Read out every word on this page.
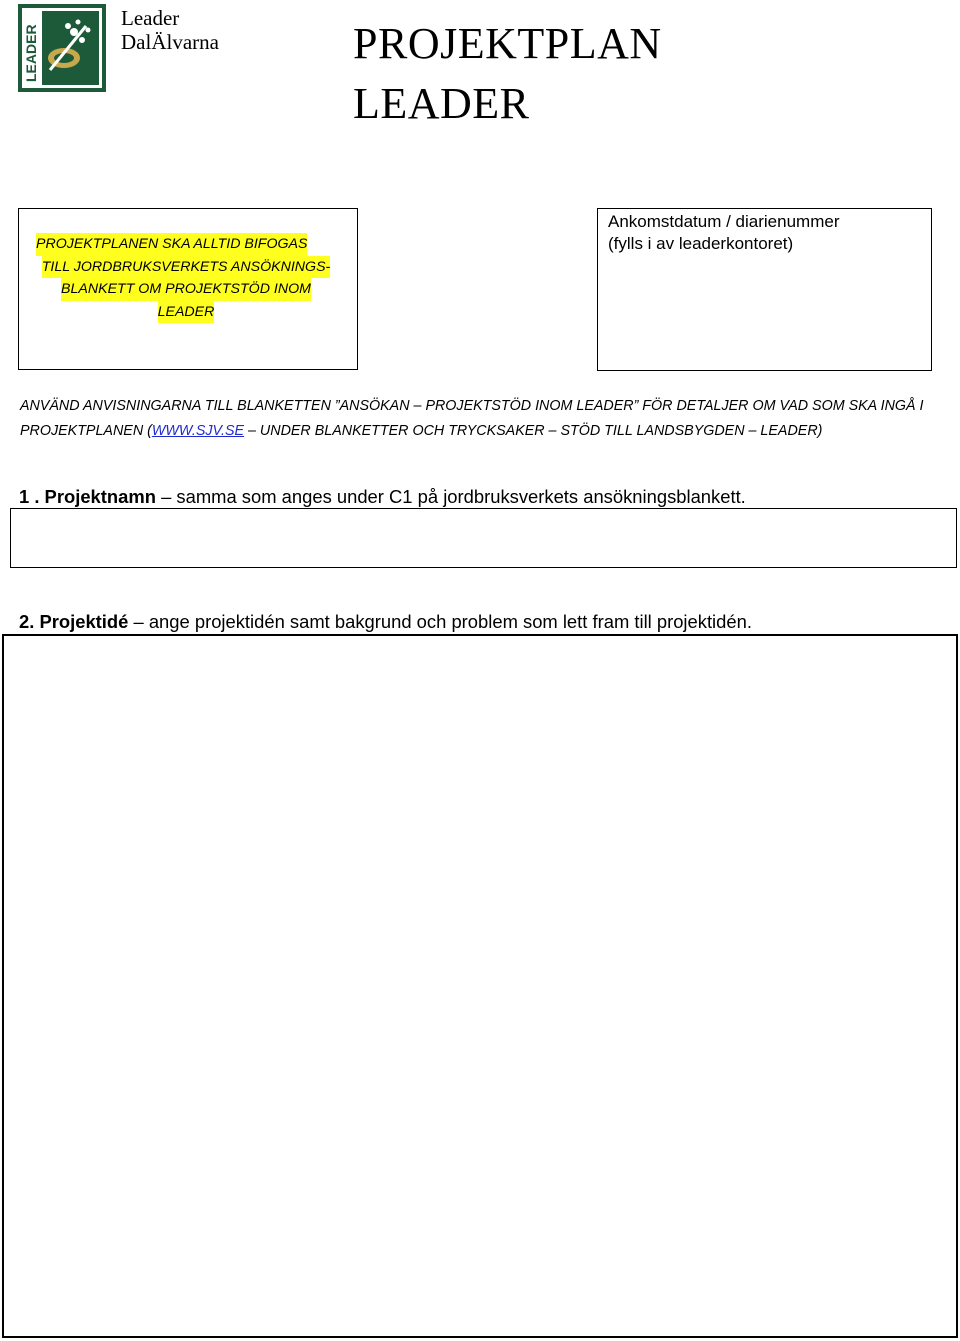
LEADER
Leader
DalÄlvarna	PROJEKTPLAN
LEADER
PROJEKTPLANEN SKA ALLTID BIFOGAS
TILL JORDBRUKSVERKETS ANSÖKNINGS-
BLANKETT OM PROJEKTSTÖD INOM
LEADER
Ankomstdatum / diarienummer
(fylls i av leaderkontoret)
ANVÄND ANVISNINGARNA TILL BLANKETTEN ”ANSÖKAN – PROJEKTSTÖD INOM LEADER” FÖR DETALJER OM VAD SOM SKA INGÅ I PROJEKTPLANEN (WWW.SJV.SE – UNDER BLANKETTER OCH TRYCKSAKER – STÖD TILL LANDSBYGDEN – LEADER)
1 . Projektnamn – samma som anges under C1 på jordbruksverkets ansökningsblankett.
2. Projektidé – ange projektidén samt bakgrund och problem som lett fram till projektidén.
